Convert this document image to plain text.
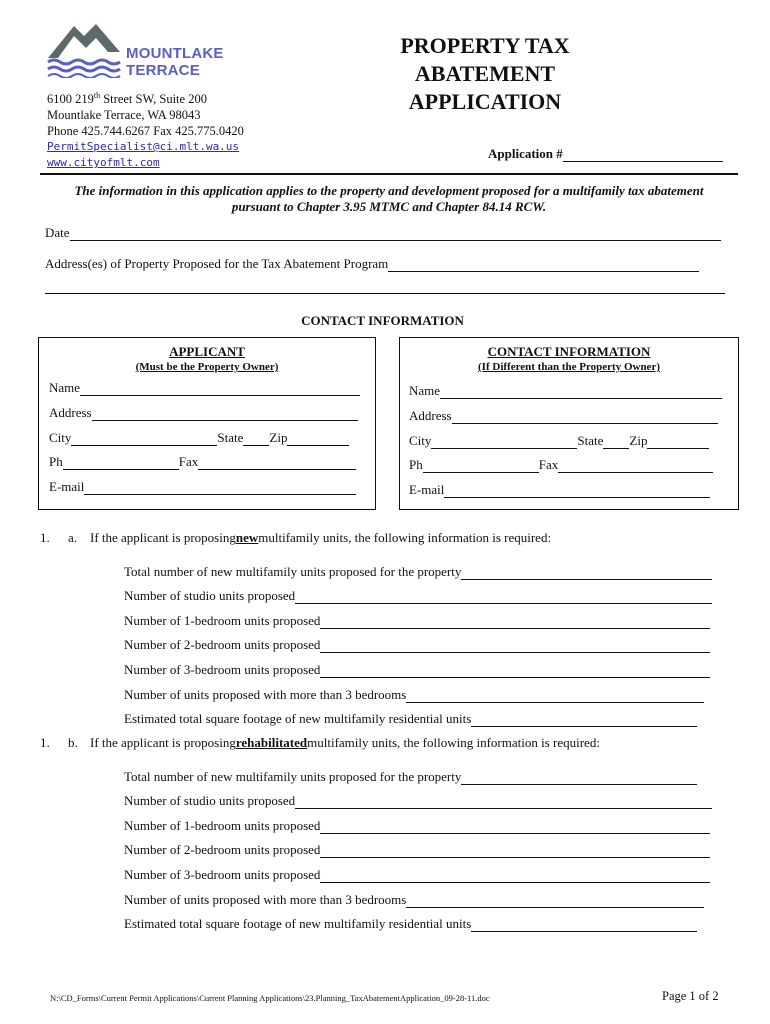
MOUNTLAKE
TERRACE
6100 219th Street SW, Suite 200
Mountlake Terrace, WA 98043
Phone 425.744.6267 Fax 425.775.0420
PermitSpecialist@ci.mlt.wa.us
www.cityofmlt.com
PROPERTY TAX
ABATEMENT
APPLICATION
Application #
The information in this application applies to the property and development proposed for a multifamily tax abatement
pursuant to Chapter 3.95 MTMC and Chapter 84.14 RCW.
Date
Address(es) of Property Proposed for the Tax Abatement Program
CONTACT INFORMATION
APPLICANT
(Must be the Property Owner)
Name
Address
City	State Zip
Ph	Fax
E-mail
CONTACT INFORMATION
(If Different than the Property Owner)
Name
Address
City	State Zip
Ph	Fax
E-mail
1.	a. If the applicant is proposing new multifamily units, the following information is required:
Total number of new multifamily units proposed for the property
Number of studio units proposed
Number of 1-bedroom units proposed
Number of 2-bedroom units proposed
Number of 3-bedroom units proposed
Number of units proposed with more than 3 bedrooms
Estimated total square footage of new multifamily residential units
1.	b. If the applicant is proposing rehabilitated multifamily units, the following information is required:
Total number of new multifamily units proposed for the property
Number of studio units proposed
Number of 1-bedroom units proposed
Number of 2-bedroom units proposed
Number of 3-bedroom units proposed
Number of units proposed with more than 3 bedrooms
Estimated total square footage of new multifamily residential units
N:\CD_Forms\Current Permit Applications\Current Planning Applications\23.Planning_TaxAbatementApplication_09-28-11.doc	Page 1 of 2
